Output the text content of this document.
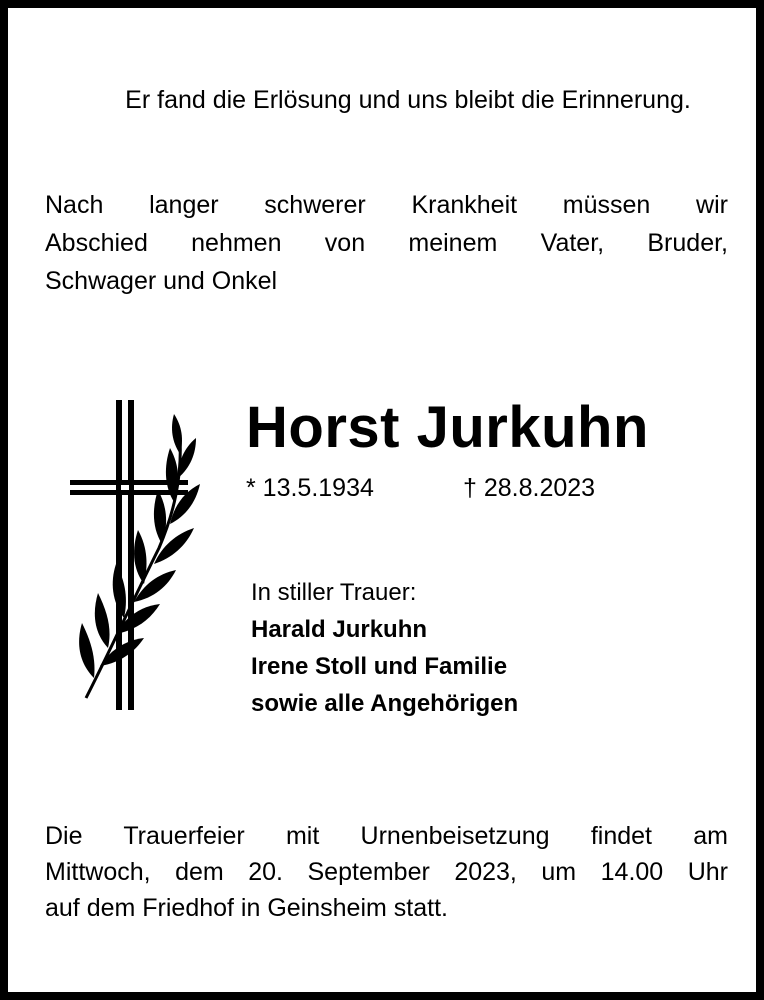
Er fand die Erlösung und uns bleibt die Erinnerung.
Nach langer schwerer Krankheit müssen wir
Abschied nehmen von meinem Vater, Bruder,
Schwager und Onkel
Horst Jurkuhn
* 13.5.1934	† 28.8.2023
In stiller Trauer:
Harald Jurkuhn
Irene Stoll und Familie
sowie alle Angehörigen
Die Trauerfeier mit Urnenbeisetzung findet am
Mittwoch, dem 20. September 2023, um 14.00 Uhr
auf dem Friedhof in Geinsheim statt.
